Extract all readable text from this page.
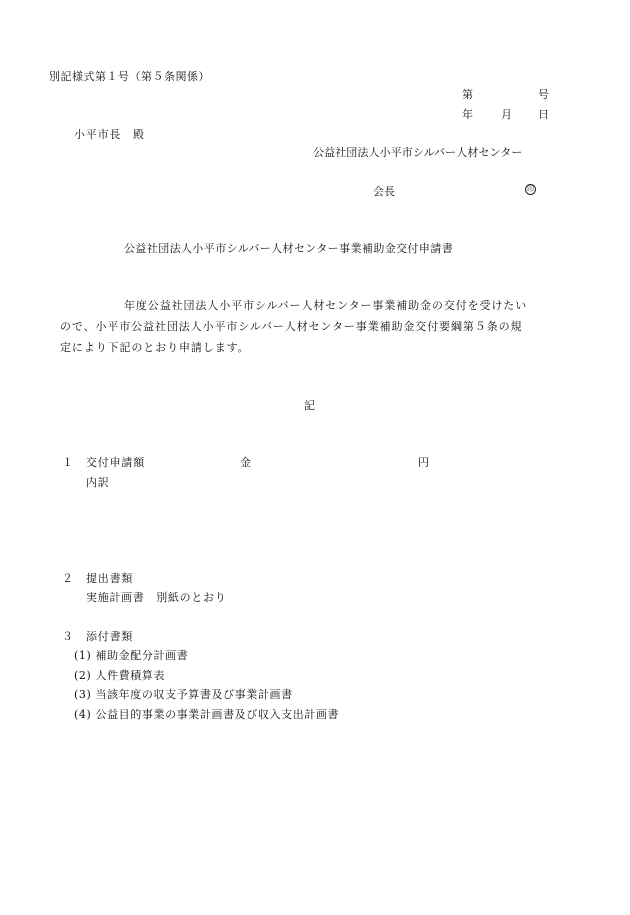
別記様式第１号（第５条関係）
第	号
年	月 日
小平市長　殿
公益社団法人小平市シルバー人材センター
会長	印
公益社団法人小平市シルバー人材センター事業補助金交付申請書
年度公益社団法人小平市シルバー人材センター事業補助金の交付を受けたい
ので、小平市公益社団法人小平市シルバー人材センター事業補助金交付要綱第５条の規
定により下記のとおり申請します。
記
１ 交付申請額	金	円
内訳
２ 提出書類
実施計画書　別紙のとおり
３ 添付書類
(1) 補助金配分計画書
(2) 人件費積算表
(3) 当該年度の収支予算書及び事業計画書
(4) 公益目的事業の事業計画書及び収入支出計画書
